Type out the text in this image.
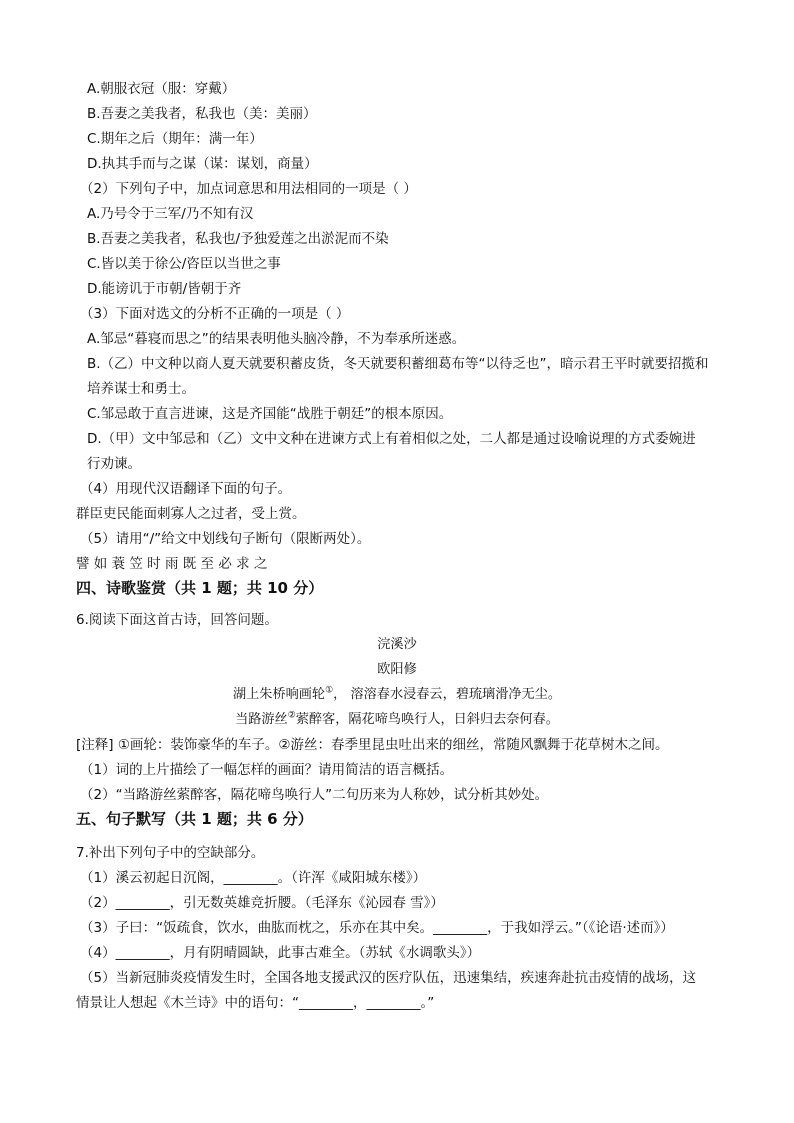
A.朝服衣冠（服：穿戴）
B.吾妻之美我者，私我也（美：美丽）
C.期年之后（期年：满一年）
D.执其手而与之谋（谋：谋划，商量）
（2）下列句子中，加点词意思和用法相同的一项是（ ）
A.乃号令于三军/乃不知有汉
B.吾妻之美我者，私我也/予独爱莲之出淤泥而不染
C.皆以美于徐公/咨臣以当世之事
D.能谤讥于市朝/皆朝于齐
（3）下面对选文的分析不正确的一项是（ ）
A.邹忌“暮寝而思之”的结果表明他头脑冷静，不为奉承所迷惑。
B.（乙）中文种以商人夏天就要积蓄皮货，冬天就要积蓄细葛布等“以待乏也”，暗示君王平时就要招揽和
培养谋士和勇士。
C.邹忌敢于直言进谏，这是齐国能“战胜于朝廷”的根本原因。
D.（甲）文中邹忌和（乙）文中文种在进谏方式上有着相似之处，二人都是通过设喻说理的方式委婉进
行劝谏。
（4）用现代汉语翻译下面的句子。
群臣吏民能面刺寡人之过者，受上赏。
（5）请用“/”给文中划线句子断句（限断两处）。
譬 如 蓑 笠 时 雨 既 至 必 求 之
四、诗歌鉴赏（共 1 题；共 10 分）
6.阅读下面这首古诗，回答问题。
浣溪沙
欧阳修
湖上朱桥响画轮①， 溶溶春水浸春云，碧琉璃滑净无尘。
当路游丝②萦醉客，隔花啼鸟唤行人，日斜归去奈何春。
[注释] ①画轮：装饰豪华的车子。②游丝：春季里昆虫吐出来的细丝，常随风飘舞于花草树木之间。
（1）词的上片描绘了一幅怎样的画面？请用简洁的语言概括。
（2）“当路游丝萦醉客，隔花啼鸟唤行人”二句历来为人称妙，试分析其妙处。
五、句子默写（共 1 题；共 6 分）
7.补出下列句子中的空缺部分。
（1）溪云初起日沉阁，________。（许浑《咸阳城东楼》）
（2）________，引无数英雄竞折腰。（毛泽东《沁园春 雪》）
（3）子曰：“饭疏食，饮水，曲肱而枕之，乐亦在其中矣。________，于我如浮云。”（《论语·述而》）
（4）________，月有阴晴圆缺，此事古难全。（苏轼《水调歌头》）
（5）当新冠肺炎疫情发生时，全国各地支援武汉的医疗队伍，迅速集结，疾速奔赴抗击疫情的战场，这
情景让人想起《木兰诗》中的语句：“________，________。”
